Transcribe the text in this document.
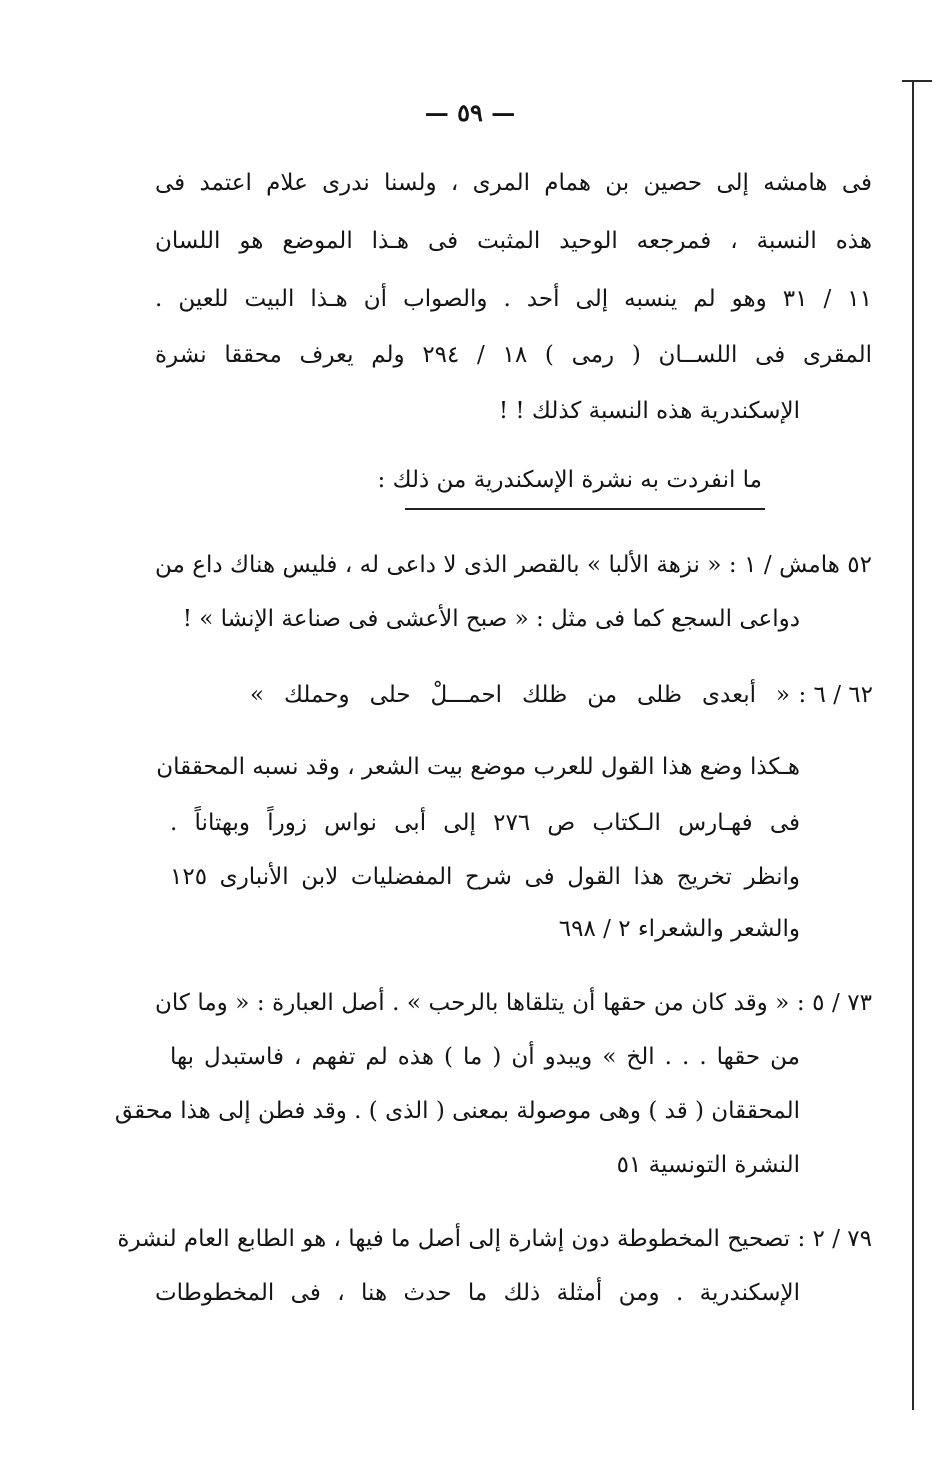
— ٥٩ —
فى هامشه إلى حصين بن همام المرى ، ولسنا ندرى علام اعتمد فى
هذه النسبة ، فمرجعه الوحيد المثبت فى هـذا الموضع هو اللسان
١١ / ٣١ وهو لم ينسبه إلى أحد . والصواب أن هـذا البيت للعين .
المقرى فى اللســان ( رمى ) ١٨ / ٢٩٤ ولم يعرف محققا نشرة
الإسكندرية هذه النسبة كذلك ! !
ما انفردت به نشرة الإسكندرية من ذلك :
٥٢ هامش / ١ : « نزهة الألبا » بالقصر الذى لا داعى له ، فليس هناك داع من
دواعى السجع كما فى مثل : « صبح الأعشى فى صناعة الإنشا » !
٦٢ / ٦ :
« أبعدى ظلى من ظلك احمـــلْ حلى وحملك »
هـكذا وضع هذا القول للعرب موضع بيت الشعر ، وقد نسبه المحققان
فى فهـارس الـكتاب ص ٢٧٦ إلى أبى نواس زوراً وبهتاناً .
وانظر تخريج هذا القول فى شرح المفضليات لابن الأنبارى ١٢٥
والشعر والشعراء ٢ / ٦٩٨
٧٣ / ٥ : « وقد كان من حقها أن يتلقاها بالرحب » . أصل العبارة : « وما كان
من حقها . . . الخ » ويبدو أن ( ما ) هذه لم تفهم ، فاستبدل بها
المحققان ( قد ) وهى موصولة بمعنى ( الذى ) . وقد فطن إلى هذا محقق
النشرة التونسية ٥١
٧٩ / ٢ : تصحيح المخطوطة دون إشارة إلى أصل ما فيها ، هو الطابع العام لنشرة
الإسكندرية . ومن أمثلة ذلك ما حدث هنا ، فى المخطوطات
